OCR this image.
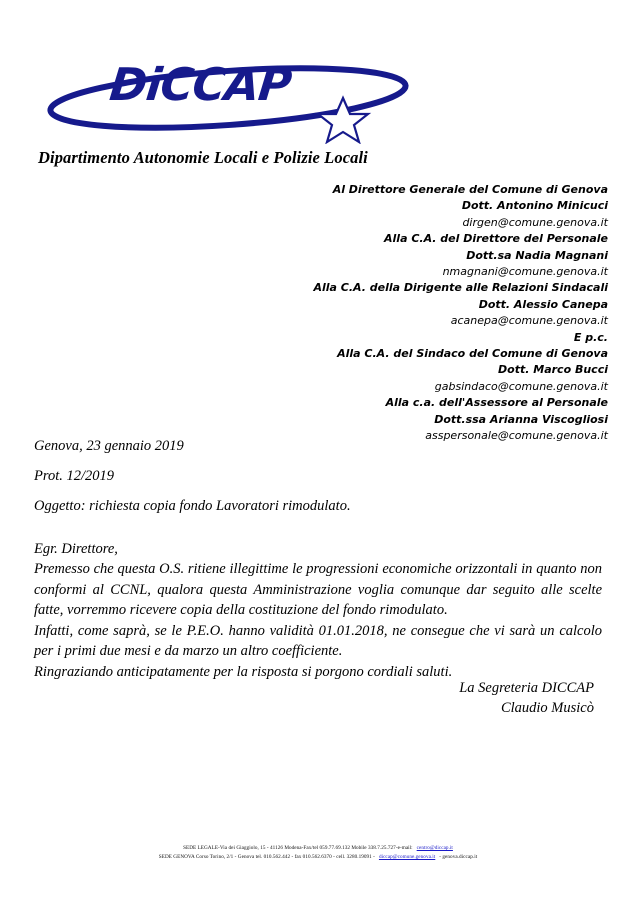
DiCCAP
Dipartimento Autonomie Locali e Polizie Locali
Al Direttore Generale del Comune di Genova
Dott. Antonino Minicuci
dirgen@comune.genova.it
Alla C.A. del Direttore del Personale
Dott.sa Nadia Magnani
nmagnani@comune.genova.it
Alla C.A. della Dirigente alle Relazioni Sindacali
Dott. Alessio Canepa
acanepa@comune.genova.it
E p.c.
Alla C.A. del Sindaco del Comune di Genova
Dott. Marco Bucci
gabsindaco@comune.genova.it
Alla c.a. dell'Assessore al Personale
Dott.ssa Arianna Viscogliosi
asspersonale@comune.genova.it
Genova, 23 gennaio 2019
Prot. 12/2019
Oggetto: richiesta copia fondo Lavoratori rimodulato.
Egr. Direttore,

Premesso che questa O.S. ritiene illegittime le progressioni economiche orizzontali in quanto non conformi al CCNL, qualora questa Amministrazione voglia comunque dar seguito alle scelte fatte, vorremmo ricevere copia della costituzione del fondo rimodulato.

Infatti, come saprà, se le P.E.O. hanno validità 01.01.2018, ne consegue che vi sarà un calcolo per i primi due mesi e da marzo un altro coefficiente.

Ringraziando anticipatamente per la risposta si porgono cordiali saluti.

La Segreteria DICCAP
Claudio Musicò
SEDE LEGALE-Via dei Giaggiolo, 15 - 41126 Modena-Fax/tel 059.77.69.132 Mobile 338.7.25.727-e-mail: centro@diccap.it
SEDE GENOVA Corso Torino, 2/1 - Genova tel. 010.562.442 - fax 010.562.6370 - cell. 3280.19091 - diccap@comune.genova.it - genova.diccap.it
